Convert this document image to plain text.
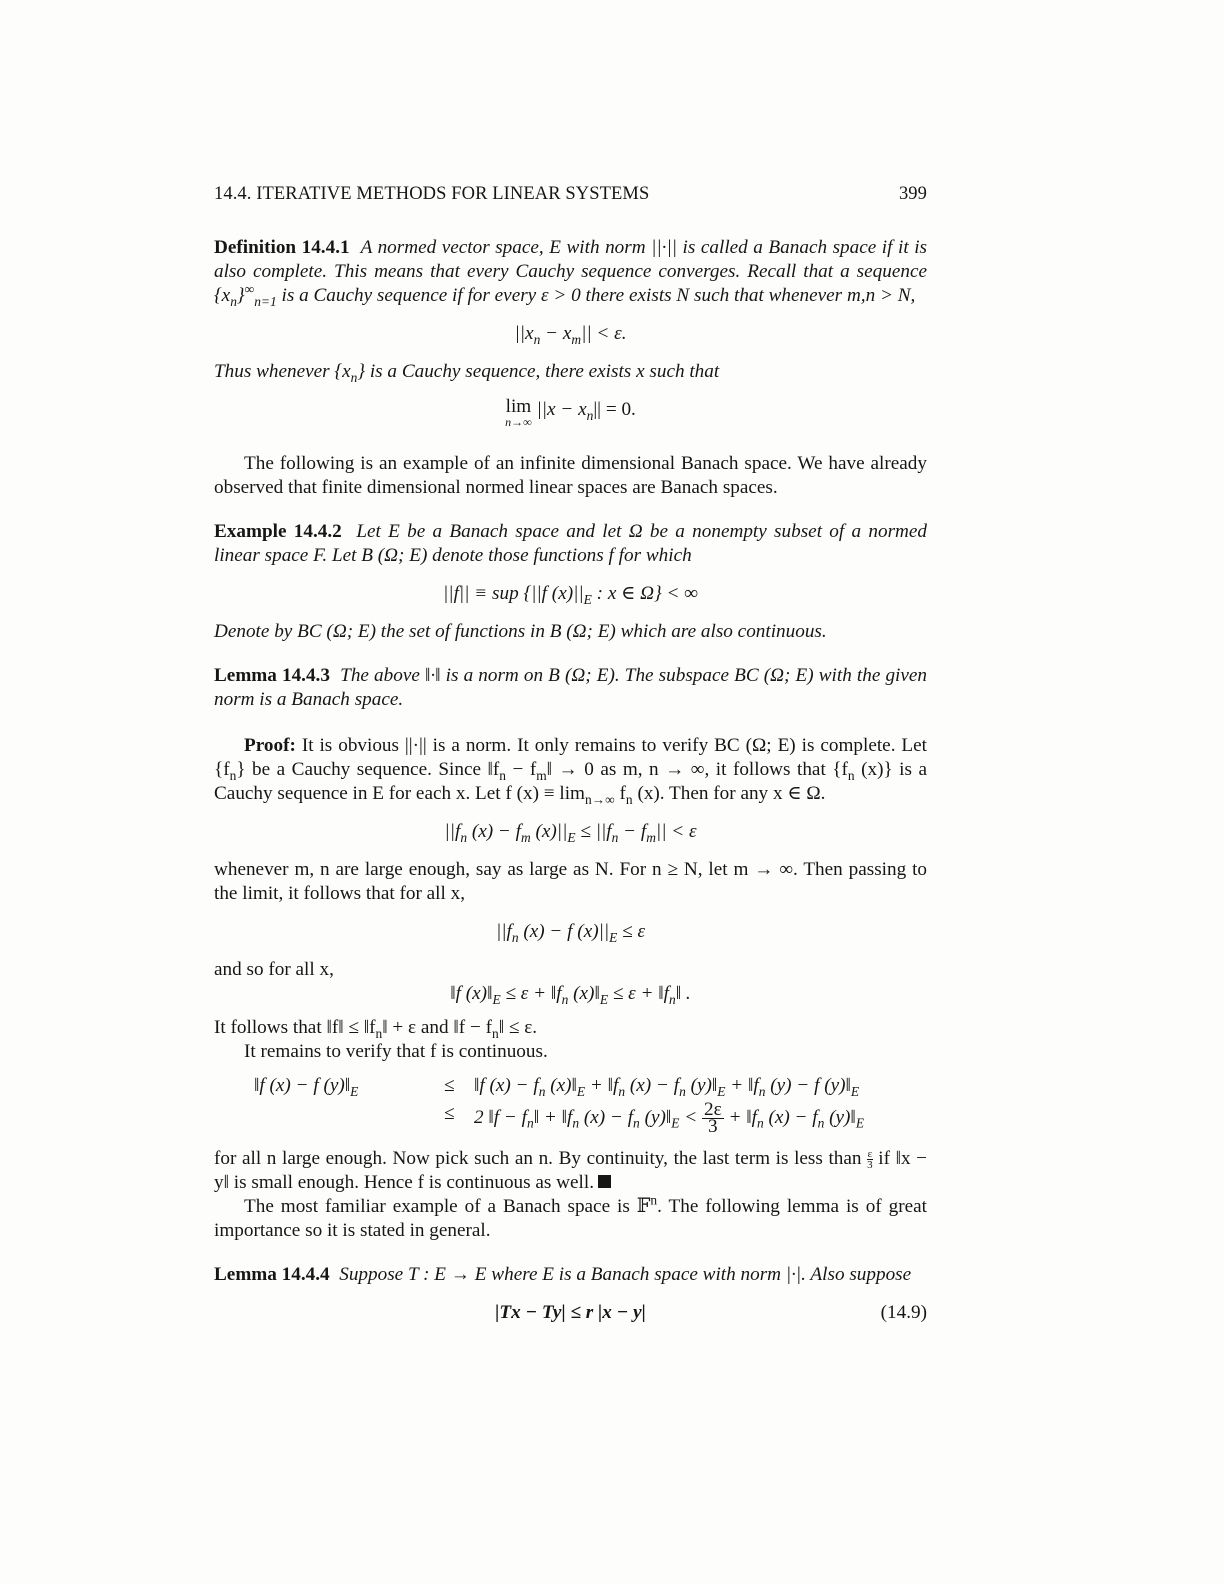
14.4. ITERATIVE METHODS FOR LINEAR SYSTEMS	399

Definition 14.4.1 A normed vector space, E with norm ||·|| is called a Banach space if it is also complete. This means that every Cauchy sequence converges. Recall that a sequence $\{x_n\}^\infty_{n=1}$ is a Cauchy sequence if for every ε > 0 there exists N such that whenever m,n > N,

$||x_n - x_m|| < \varepsilon$.

Thus whenever $\{x_n\}$ is a Cauchy sequence, there exists x such that

lim
n→∞
$||x - x_n|| = 0$.

The following is an example of an infinite dimensional Banach space. We have already observed that finite dimensional normed linear spaces are Banach spaces.

Example 14.4.2 Let E be a Banach space and let Ω be a nonempty subset of a normed linear space F. Let B (Ω; E) denote those functions f for which

||f|| ≡ sup {||f $(x)||_E$ : x ∈ Ω} < ∞

Denote by BC (Ω; E) the set of functions in B (Ω; E) which are also continuous.

Lemma 14.4.3 The above ‖·‖ is a norm on B (Ω; E). The subspace BC (Ω; E) with the given norm is a Banach space.

Proof: It is obvious ||·|| is a norm. It only remains to verify BC (Ω; E) is complete. Let $\{f_n\}$ be a Cauchy sequence. Since $‖f_n$ − $f_m‖ \to 0$ as m, n → ∞, it follows that {$f_n$ (x)} is a Cauchy sequence in E for each x. Let f $(x) \equiv \lim_{n\to\infty} f_n$ (x). Then for any x ∈ Ω.

$||f_n$ $(x) - f_m$ $(x)||_E \le ||f_n - f_m|| < \varepsilon$

whenever m, n are large enough, say as large as N. For n ≥ N, let m → ∞. Then passing to the limit, it follows that for all x,

$||f_n$ (x) − f $(x)||_E \le \varepsilon$

and so for all x,

‖f $(x)‖_E \le \varepsilon$ + $‖f_n$ $(x)‖_E \le \varepsilon$ + $‖f_n‖$ .

It follows that ‖f‖ ≤ $‖f_n‖ + \varepsilon$ and ‖f − $f_n‖ \le \varepsilon$.

It remains to verify that f is continuous.

‖f (x) − f $(y)‖_E$	≤	‖f $(x) - f_n$ $(x)‖_E$ + $‖f_n$ $(x) - f_n$ $(y)‖_E$ + $‖f_n$ (y) − f $(y)‖_E$
≤	2 ‖f − $f_n‖$ + $‖f_n$ $(x) - f_n$ $(y)‖_E < \frac{2\varepsilon}{3}$ + $‖f_n$ $(x) - f_n$ $(y)‖_E$

for all n large enough. Now pick such an n. By continuity, the last term is less than $\frac{\varepsilon}{3}$ if ‖x − y‖ is small enough. Hence f is continuous as well.

The most familiar example of a Banach space is 𝔽$^n$. The following lemma is of great importance so it is stated in general.

Lemma 14.4.4 Suppose T : E → E where E is a Banach space with norm |·|. Also suppose

|Tx − Ty| ≤ r |x − y|	(14.9)
